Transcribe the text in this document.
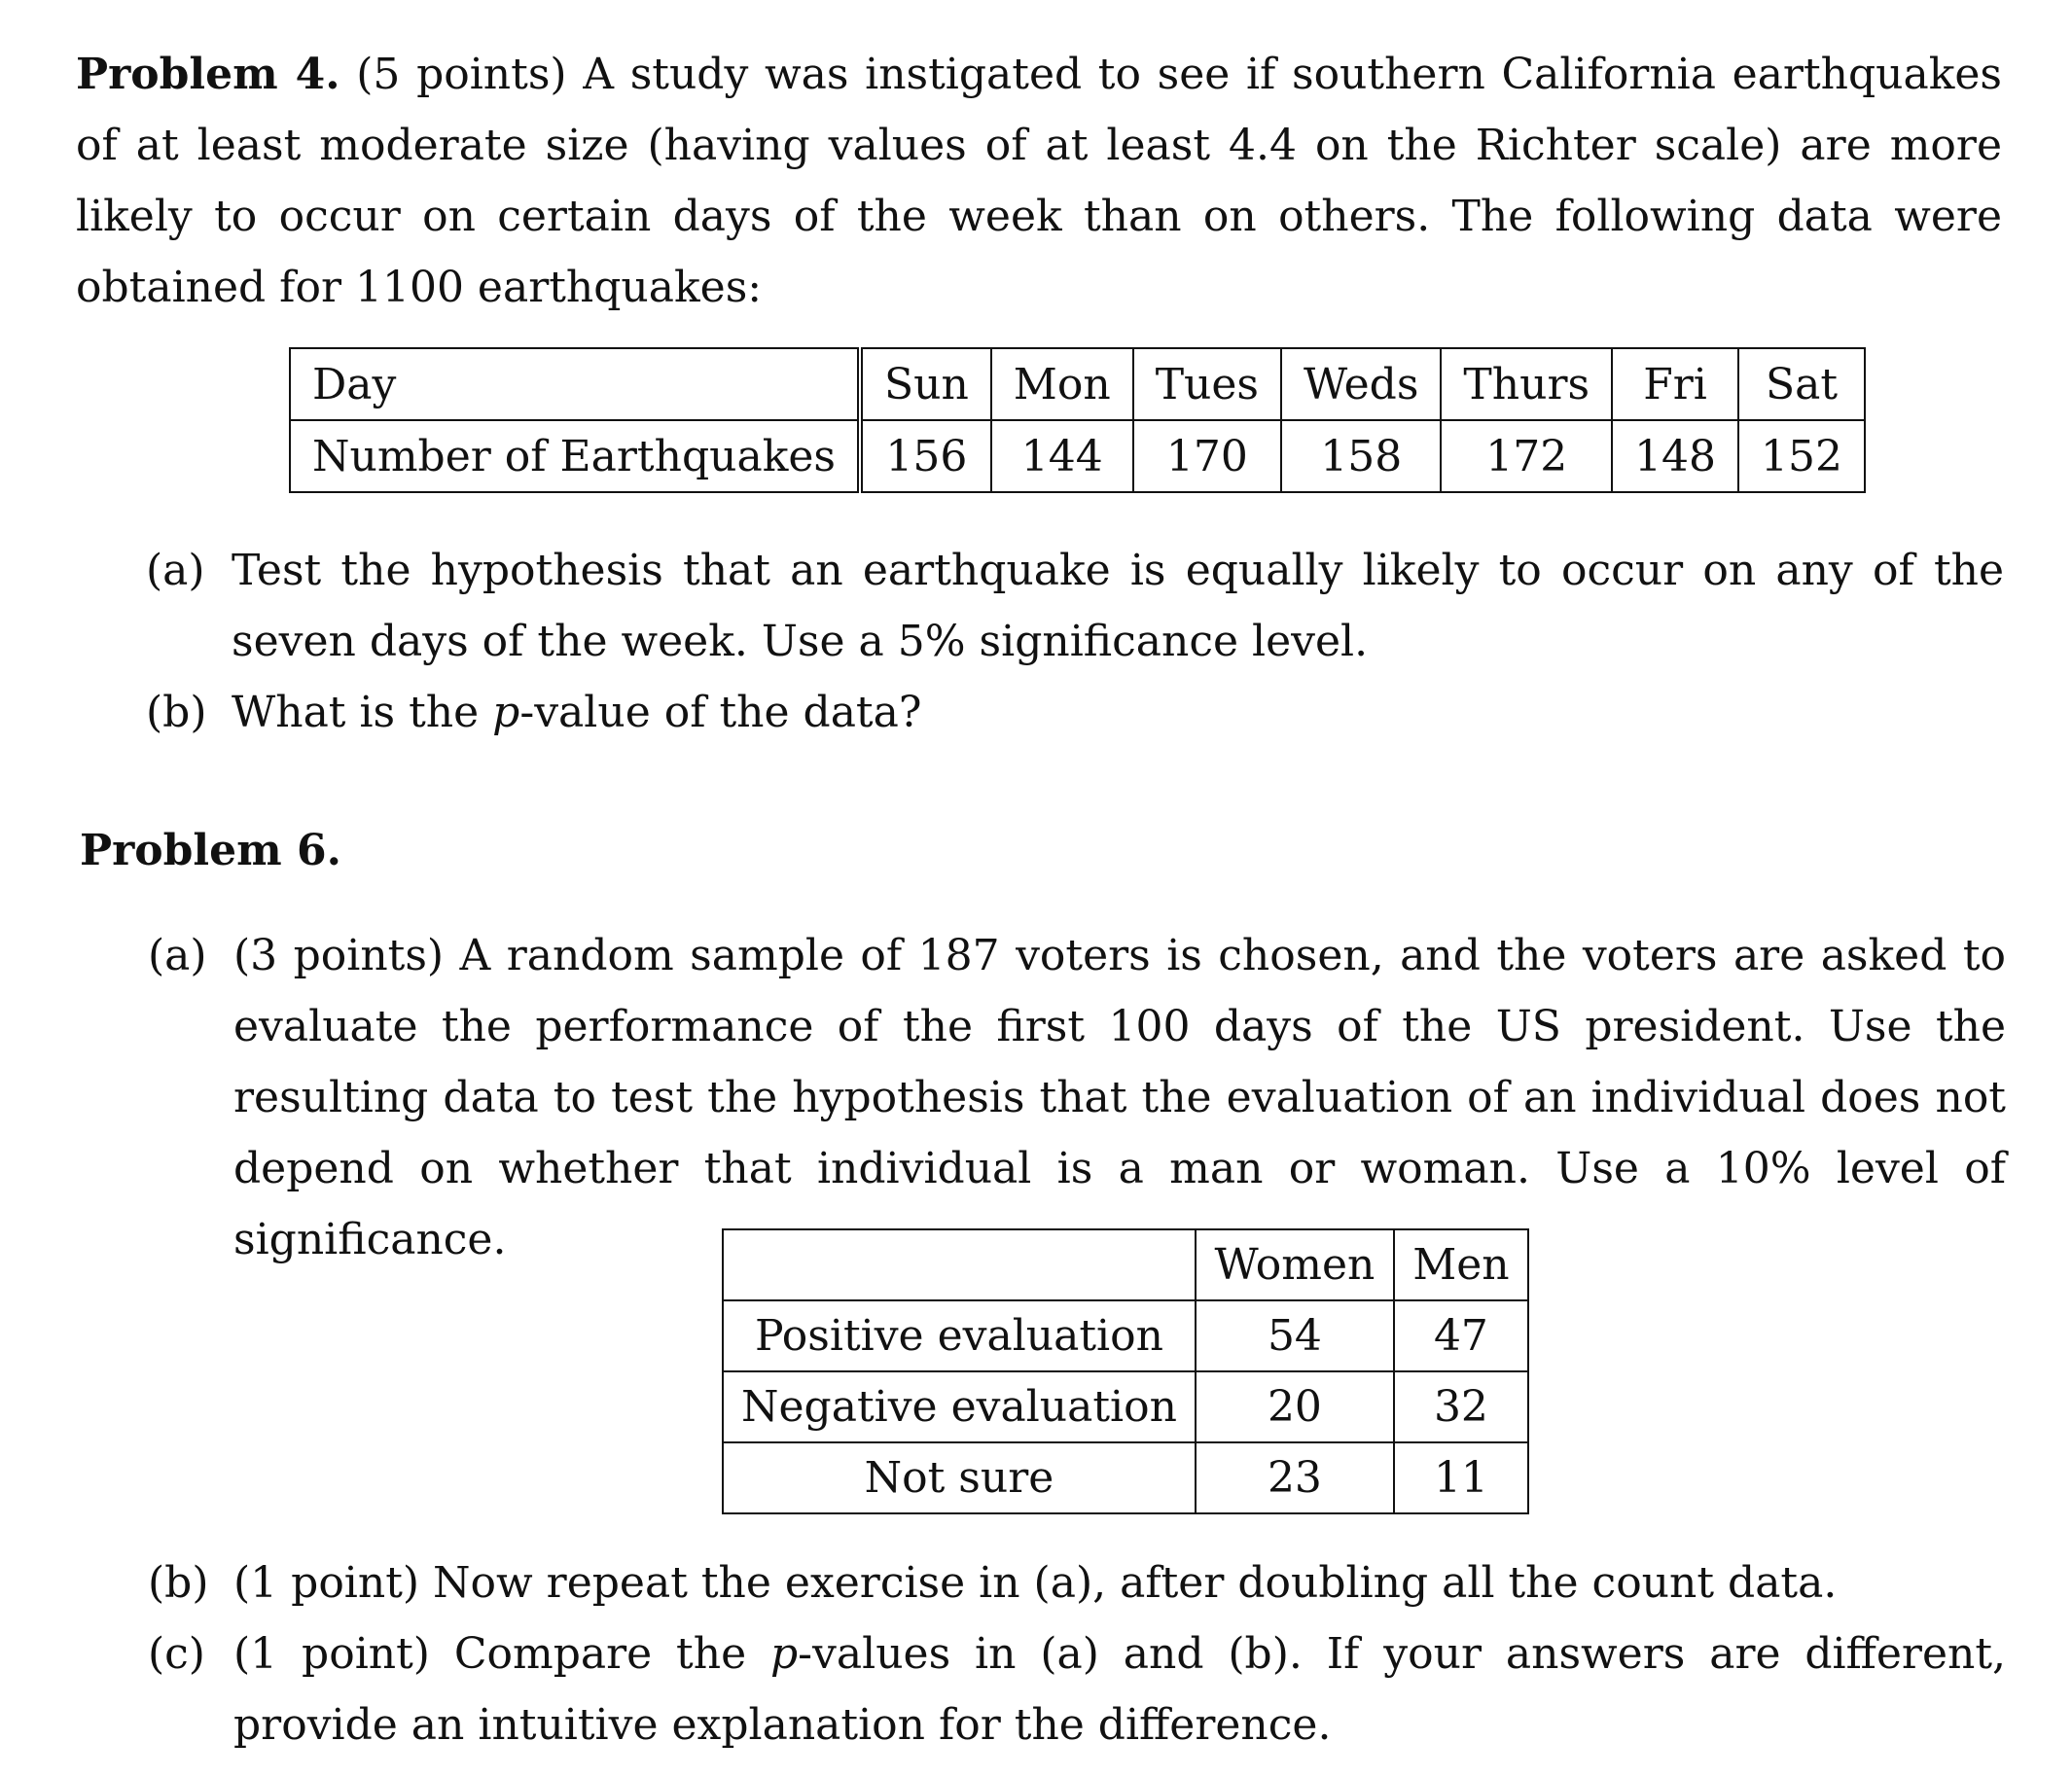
Problem 4. (5 points) A study was instigated to see if southern California earthquakes of at least moderate size (having values of at least 4.4 on the Richter scale) are more likely to occur on certain days of the week than on others. The following data were obtained for 1100 earthquakes:
Day	Sun	Mon	Tues	Weds	Thurs	Fri	Sat
Number of Earthquakes	156	144	170	158	172	148	152
(a) Test the hypothesis that an earthquake is equally likely to occur on any of the seven days of the week. Use a 5% significance level.
(b) What is the p-value of the data?
Problem 6.
(a) (3 points) A random sample of 187 voters is chosen, and the voters are asked to evaluate the performance of the first 100 days of the US president. Use the resulting data to test the hypothesis that the evaluation of an individual does not depend on whether that individual is a man or woman. Use a 10% level of significance.
	Women	Men
Positive evaluation	54	47
Negative evaluation	20	32
Not sure	23	11
(b) (1 point) Now repeat the exercise in (a), after doubling all the count data.
(c) (1 point) Compare the p-values in (a) and (b). If your answers are different, provide an intuitive explanation for the difference.
